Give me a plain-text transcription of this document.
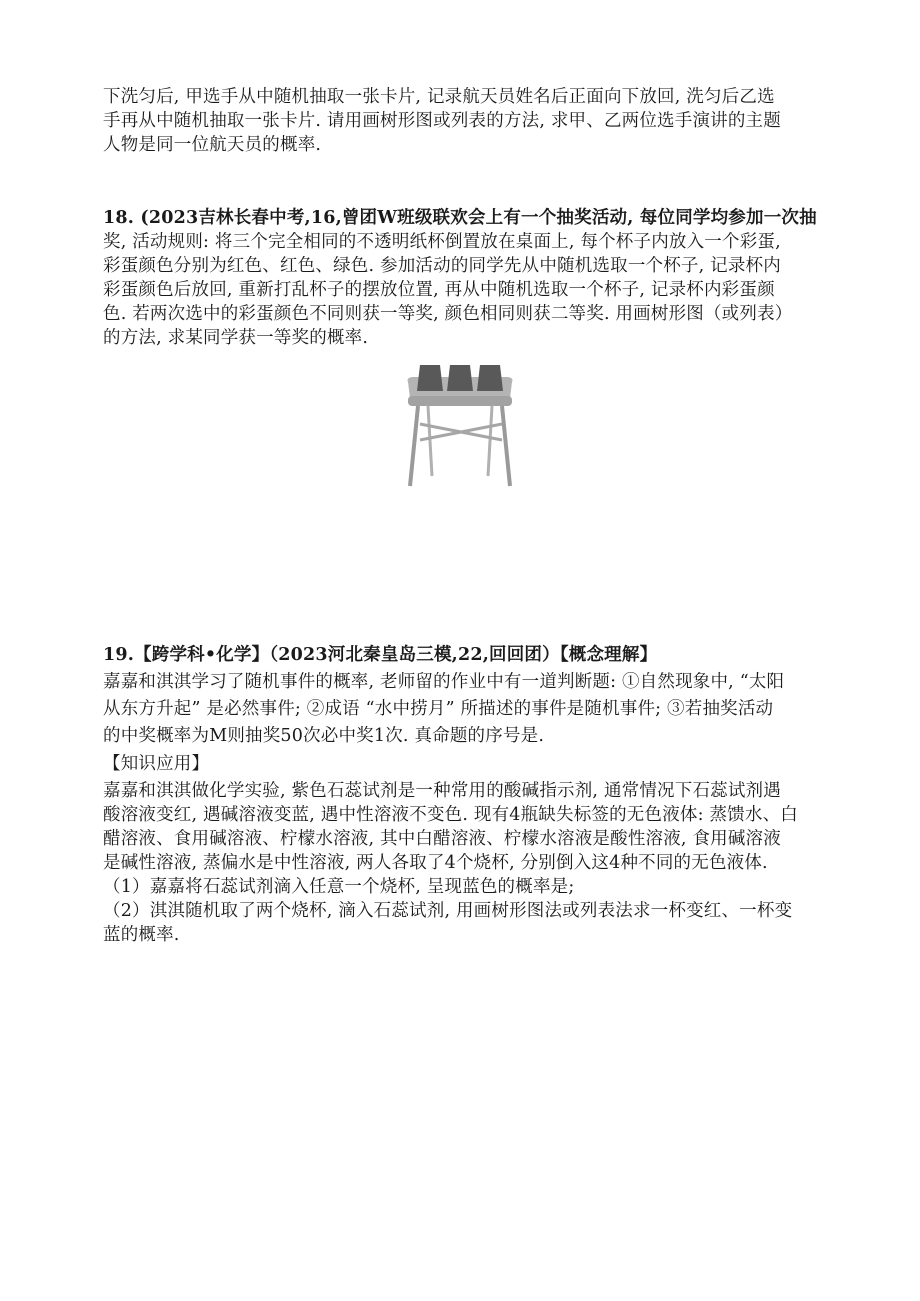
下洗匀后, 甲选手从中随机抽取一张卡片, 记录航天员姓名后正面向下放回, 洗匀后乙选
手再从中随机抽取一张卡片. 请用画树形图或列表的方法, 求甲、乙两位选手演讲的主题
人物是同一位航天员的概率.
18. (2023吉林长春中考,16,曾团W班级联欢会上有一个抽奖活动, 每位同学均参加一次抽
奖, 活动规则: 将三个完全相同的不透明纸杯倒置放在桌面上, 每个杯子内放入一个彩蛋,
彩蛋颜色分别为红色、红色、绿色. 参加活动的同学先从中随机选取一个杯子, 记录杯内
彩蛋颜色后放回, 重新打乱杯子的摆放位置, 再从中随机选取一个杯子, 记录杯内彩蛋颜
色. 若两次选中的彩蛋颜色不同则获一等奖, 颜色相同则获二等奖. 用画树形图（或列表）
的方法, 求某同学获一等奖的概率.
19.【跨学科•化学】（2023河北秦皇岛三模,22,回回团）【概念理解】
嘉嘉和淇淇学习了随机事件的概率, 老师留的作业中有一道判断题: ①自然现象中, “太阳
从东方升起” 是必然事件; ②成语 “水中捞月” 所描述的事件是随机事件; ③若抽奖活动
的中奖概率为M则抽奖50次必中奖1次. 真命题的序号是.
【知识应用】
嘉嘉和淇淇做化学实验, 紫色石蕊试剂是一种常用的酸碱指示剂, 通常情况下石蕊试剂遇
酸溶液变红, 遇碱溶液变蓝, 遇中性溶液不变色. 现有4瓶缺失标签的无色液体: 蒸馈水、白
醋溶液、食用碱溶液、柠檬水溶液, 其中白醋溶液、柠檬水溶液是酸性溶液, 食用碱溶液
是碱性溶液, 蒸偏水是中性溶液, 两人各取了4个烧杯, 分别倒入这4种不同的无色液体.
（1）嘉嘉将石蕊试剂滴入任意一个烧杯, 呈现蓝色的概率是;
（2）淇淇随机取了两个烧杯, 滴入石蕊试剂, 用画树形图法或列表法求一杯变红、一杯变
蓝的概率.
